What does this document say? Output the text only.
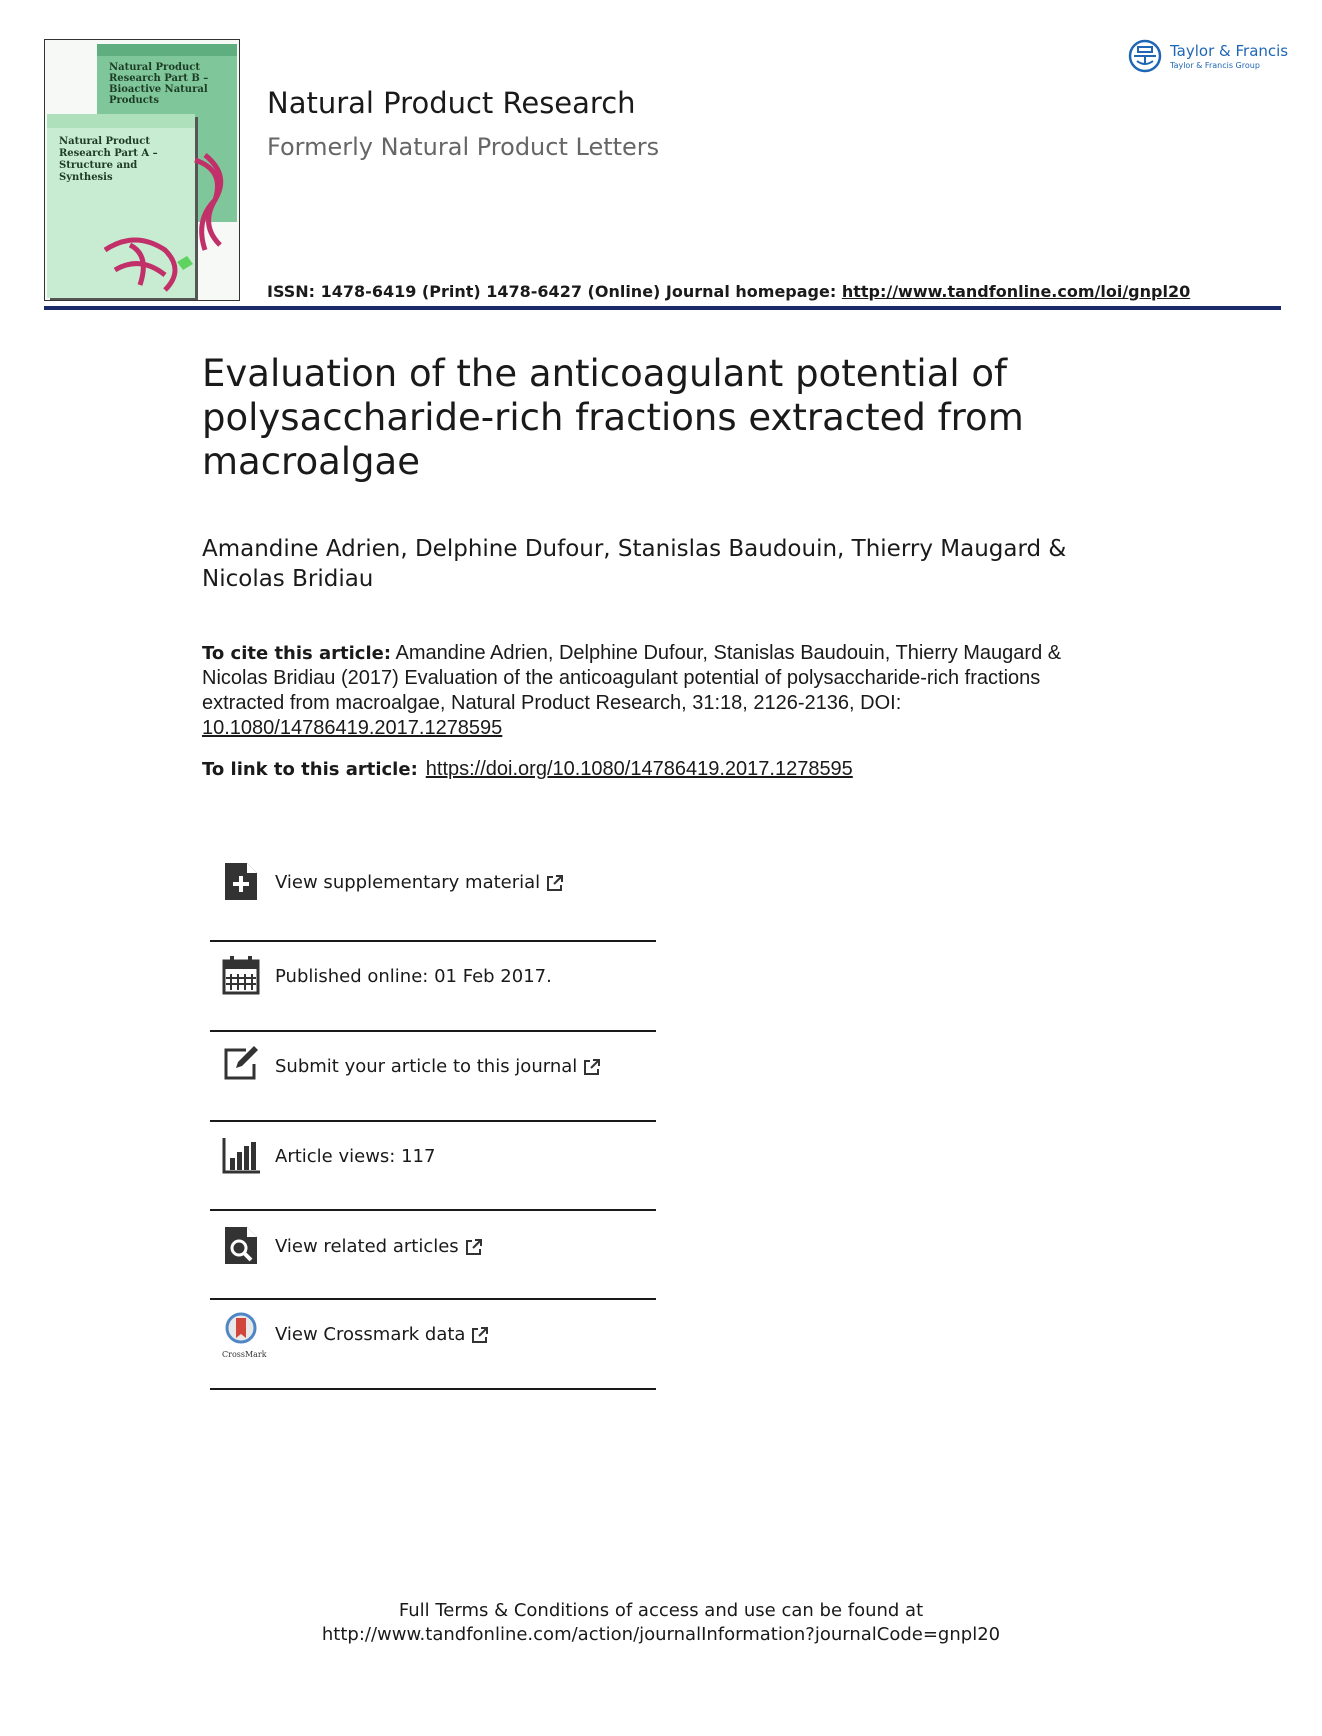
Natural Product Research Part B – Bioactive Natural Products
Natural Product Research Part A – Structure and Synthesis
Natural Product Research
Formerly Natural Product Letters
ISSN: 1478-6419 (Print) 1478-6427 (Online) Journal homepage: http://www.tandfonline.com/loi/gnpl20
Taylor & Francis
Taylor & Francis Group
Evaluation of the anticoagulant potential of polysaccharide-rich fractions extracted from macroalgae
Amandine Adrien, Delphine Dufour, Stanislas Baudouin, Thierry Maugard & Nicolas Bridiau
To cite this article: Amandine Adrien, Delphine Dufour, Stanislas Baudouin, Thierry Maugard & Nicolas Bridiau (2017) Evaluation of the anticoagulant potential of polysaccharide-rich fractions extracted from macroalgae, Natural Product Research, 31:18, 2126-2136, DOI: 10.1080/14786419.2017.1278595
To link to this article: https://doi.org/10.1080/14786419.2017.1278595
View supplementary material
Published online: 01 Feb 2017.
Submit your article to this journal
Article views: 117
View related articles
CrossMark
View Crossmark data
Full Terms & Conditions of access and use can be found at
http://www.tandfonline.com/action/journalInformation?journalCode=gnpl20
